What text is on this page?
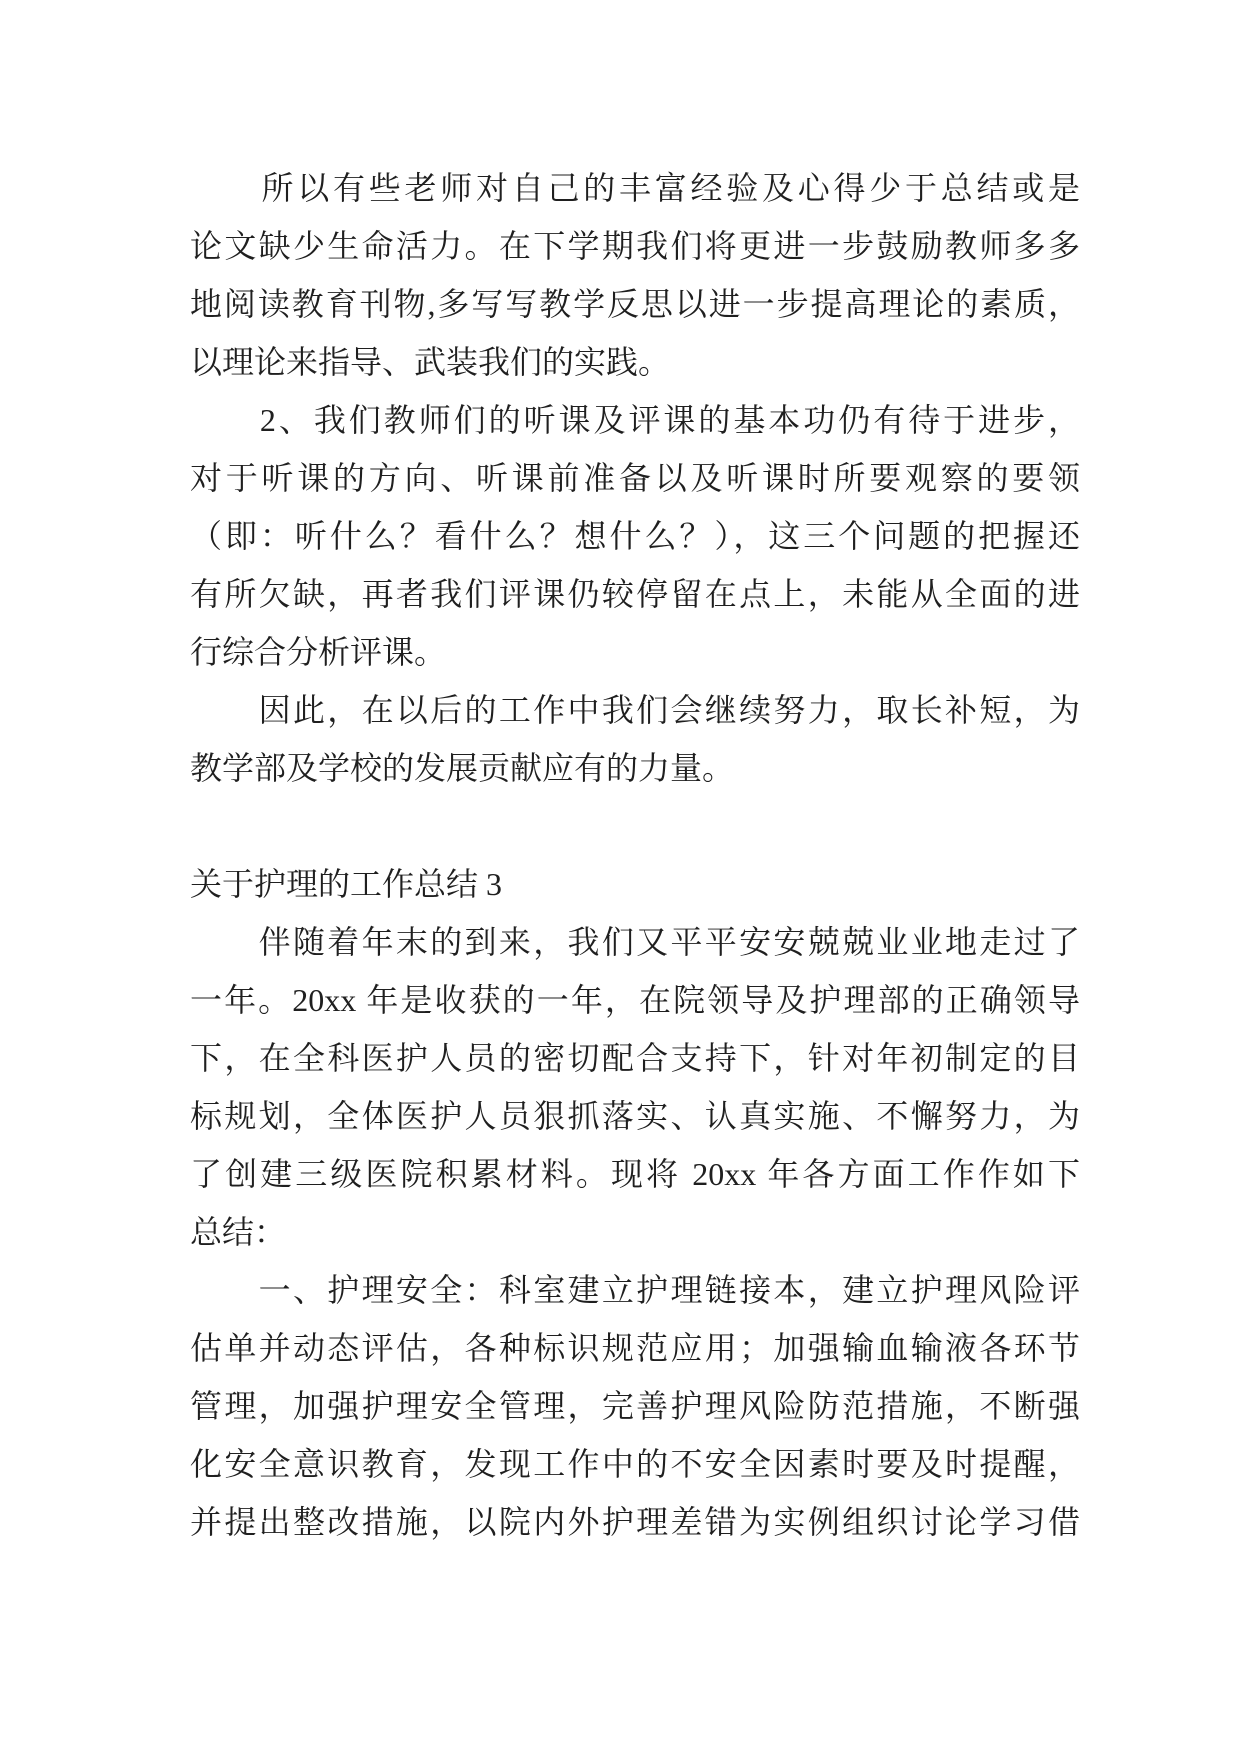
　　所以有些老师对自己的丰富经验及心得少于总结或是
论文缺少生命活力。在下学期我们将更进一步鼓励教师多多
地阅读教育刊物,多写写教学反思以进一步提高理论的素质，
以理论来指导、武装我们的实践。
　　2、我们教师们的听课及评课的基本功仍有待于进步，
对于听课的方向、听课前准备以及听课时所要观察的要领
（即：听什么？看什么？想什么？），这三个问题的把握还
有所欠缺，再者我们评课仍较停留在点上，未能从全面的进
行综合分析评课。
　　因此，在以后的工作中我们会继续努力，取长补短，为
教学部及学校的发展贡献应有的力量。
关于护理的工作总结 3
　　伴随着年末的到来，我们又平平安安兢兢业业地走过了
一年。20xx 年是收获的一年，在院领导及护理部的正确领导
下，在全科医护人员的密切配合支持下，针对年初制定的目
标规划，全体医护人员狠抓落实、认真实施、不懈努力，为
了创建三级医院积累材料。现将 20xx 年各方面工作作如下
总结：
　　一、护理安全：科室建立护理链接本，建立护理风险评
估单并动态评估，各种标识规范应用；加强输血输液各环节
管理，加强护理安全管理，完善护理风险防范措施，不断强
化安全意识教育，发现工作中的不安全因素时要及时提醒，
并提出整改措施，以院内外护理差错为实例组织讨论学习借
